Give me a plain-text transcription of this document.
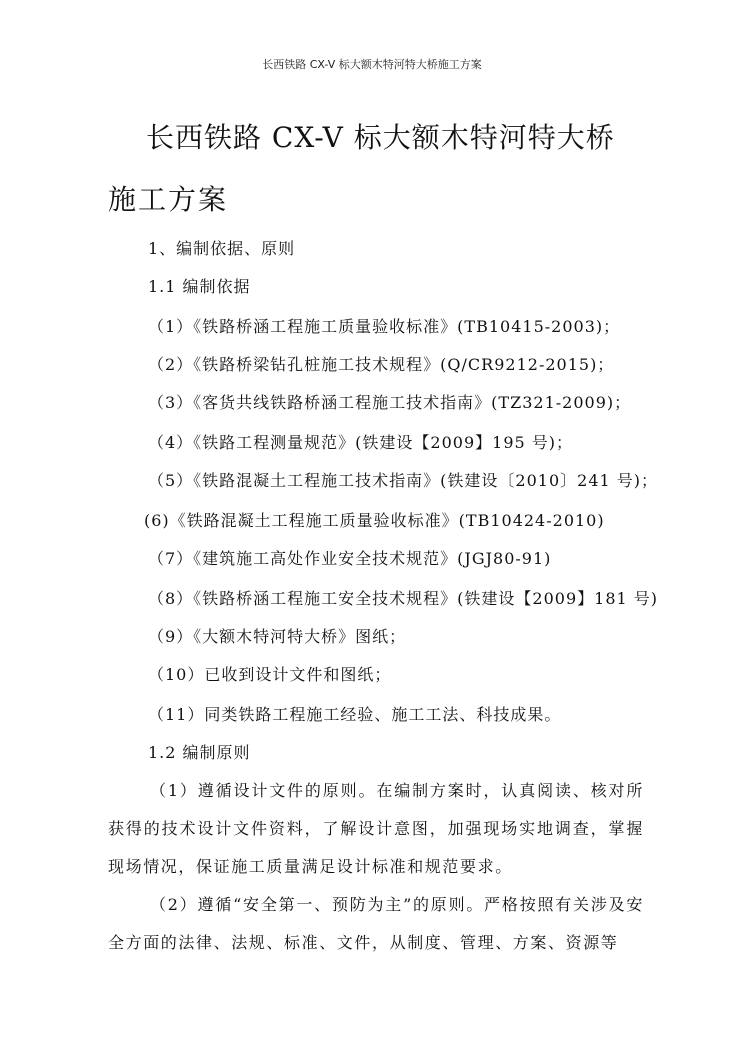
长西铁路 CX-V 标大额木特河特大桥施工方案
长西铁路 CX-V 标大额木特河特大桥
施工方案
1、编制依据、原则
1.1 编制依据
（1）《铁路桥涵工程施工质量验收标准》(TB10415-2003)；
（2）《铁路桥梁钻孔桩施工技术规程》(Q/CR9212-2015)；
（3）《客货共线铁路桥涵工程施工技术指南》(TZ321-2009)；
（4）《铁路工程测量规范》(铁建设【2009】195 号)；
（5）《铁路混凝土工程施工技术指南》(铁建设〔2010〕241 号)；
(6)《铁路混凝土工程施工质量验收标准》(TB10424-2010)
（7）《建筑施工高处作业安全技术规范》(JGJ80-91)
（8）《铁路桥涵工程施工安全技术规程》(铁建设【2009】181 号)
（9）《大额木特河特大桥》图纸；
（10）已收到设计文件和图纸；
（11）同类铁路工程施工经验、施工工法、科技成果。
1.2 编制原则
（1）遵循设计文件的原则。在编制方案时，认真阅读、核对所获得的技术设计文件资料，了解设计意图，加强现场实地调查，掌握现场情况，保证施工质量满足设计标准和规范要求。
（2）遵循“安全第一、预防为主”的原则。严格按照有关涉及安全方面的法律、法规、标准、文件，从制度、管理、方案、资源等
